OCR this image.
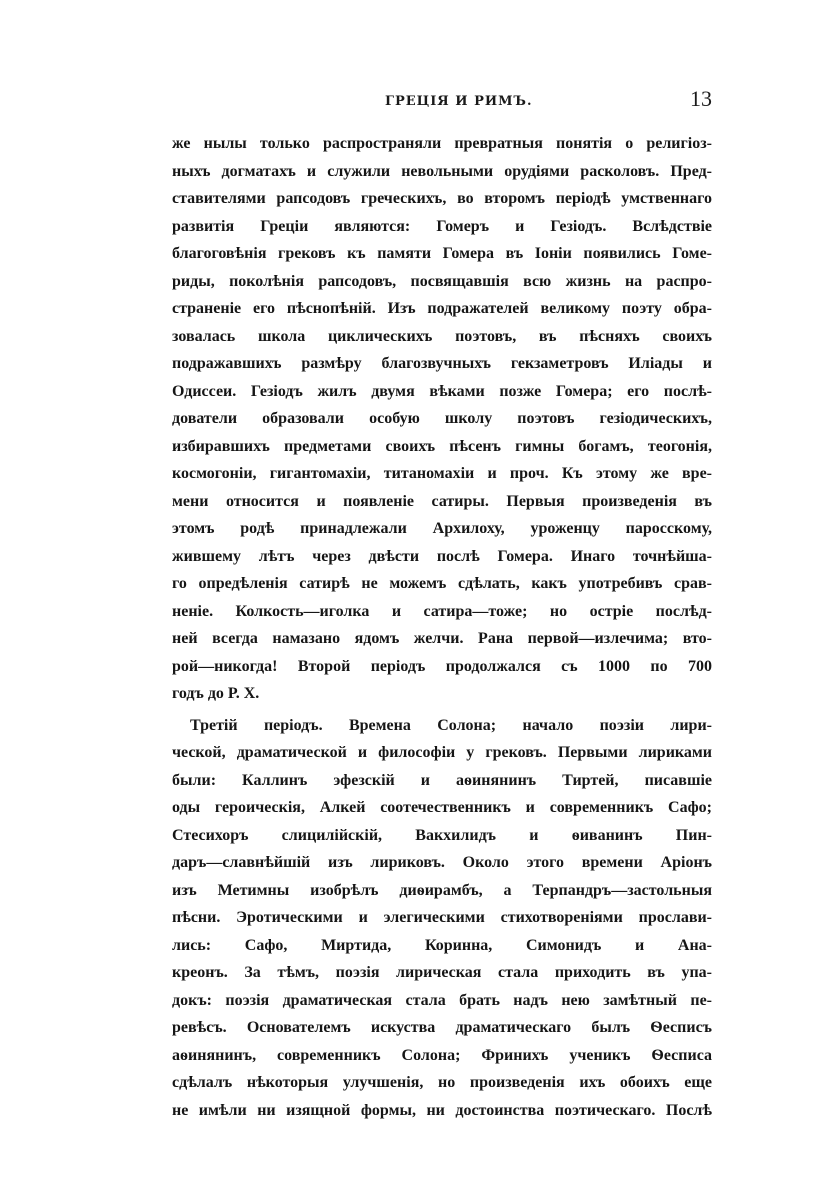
ГРЕЦІЯ И РИМЪ.	13
же нылы только распространяли превратныя понятія о религіоз-
ныхъ догматахъ и служили невольными орудіями расколовъ. Пред-
ставителями рапсодовъ греческихъ, во второмъ періодѣ умственнаго
развитія Греціи являются: Гомеръ и Гезіодъ. Вслѣдствіе
благоговѣнія грековъ къ памяти Гомера въ Іоніи появились Гоме-
риды, поколѣнія рапсодовъ, посвящавшія всю жизнь на распро-
страненіе его пѣснопѣній. Изъ подражателей великому поэту обра-
зовалась школа циклическихъ поэтовъ, въ пѣсняхъ своихъ
подражавшихъ размѣру благозвучныхъ гекзаметровъ Иліады и
Одиссеи. Гезіодъ жилъ двумя вѣками позже Гомера; его послѣ-
дователи образовали особую школу поэтовъ гезіодическихъ,
избиравшихъ предметами своихъ пѣсенъ гимны богамъ, теогонія,
космогоніи, гигантомахіи, титаномахіи и проч. Къ этому же вре-
мени относится и появленіе сатиры. Первыя произведенія въ
этомъ родѣ принадлежали Архилоху, уроженцу паросскому,
жившему лѣтъ через двѣсти послѣ Гомера. Инаго точнѣйша-
го опредѣленія сатирѣ не можемъ сдѣлать, какъ употребивъ срав-
неніе. Колкость—иголка и сатира—тоже; но остріе послѣд-
ней всегда намазано ядомъ желчи. Рана первой—излечима; вто-
рой—никогда! Второй періодъ продолжался съ 1000 по 700
годъ до Р. Х.
Третій періодъ. Времена Солона; начало поэзіи лири-
ческой, драматической и философіи у грековъ. Первыми лириками
были: Каллинъ эфезскій и аѳинянинъ Тиртей, писавшіе
оды героическія, Алкей соотечественникъ и современникъ Сафо;
Стесихоръ слицилійскій, Вакхилидъ и ѳиванинъ Пин-
даръ—славнѣйшій изъ лириковъ. Около этого времени Аріонъ
изъ Метимны изобрѣлъ диѳирамбъ, а Терпандръ—застольныя
пѣсни. Эротическими и элегическими стихотвореніями прослави-
лись: Сафо, Миртида, Коринна, Симонидъ и Ана-
креонъ. За тѣмъ, поэзія лирическая стала приходить въ упа-
докъ: поэзія драматическая стала брать надъ нею замѣтный пе-
ревѣсъ. Основателемъ искуства драматическаго былъ Ѳесписъ
аѳинянинъ, современникъ Солона; Фринихъ ученикъ Ѳесписа
сдѣлалъ нѣкоторыя улучшенія, но произведенія ихъ обоихъ еще
не имѣли ни изящной формы, ни достоинства поэтическаго. Послѣ
